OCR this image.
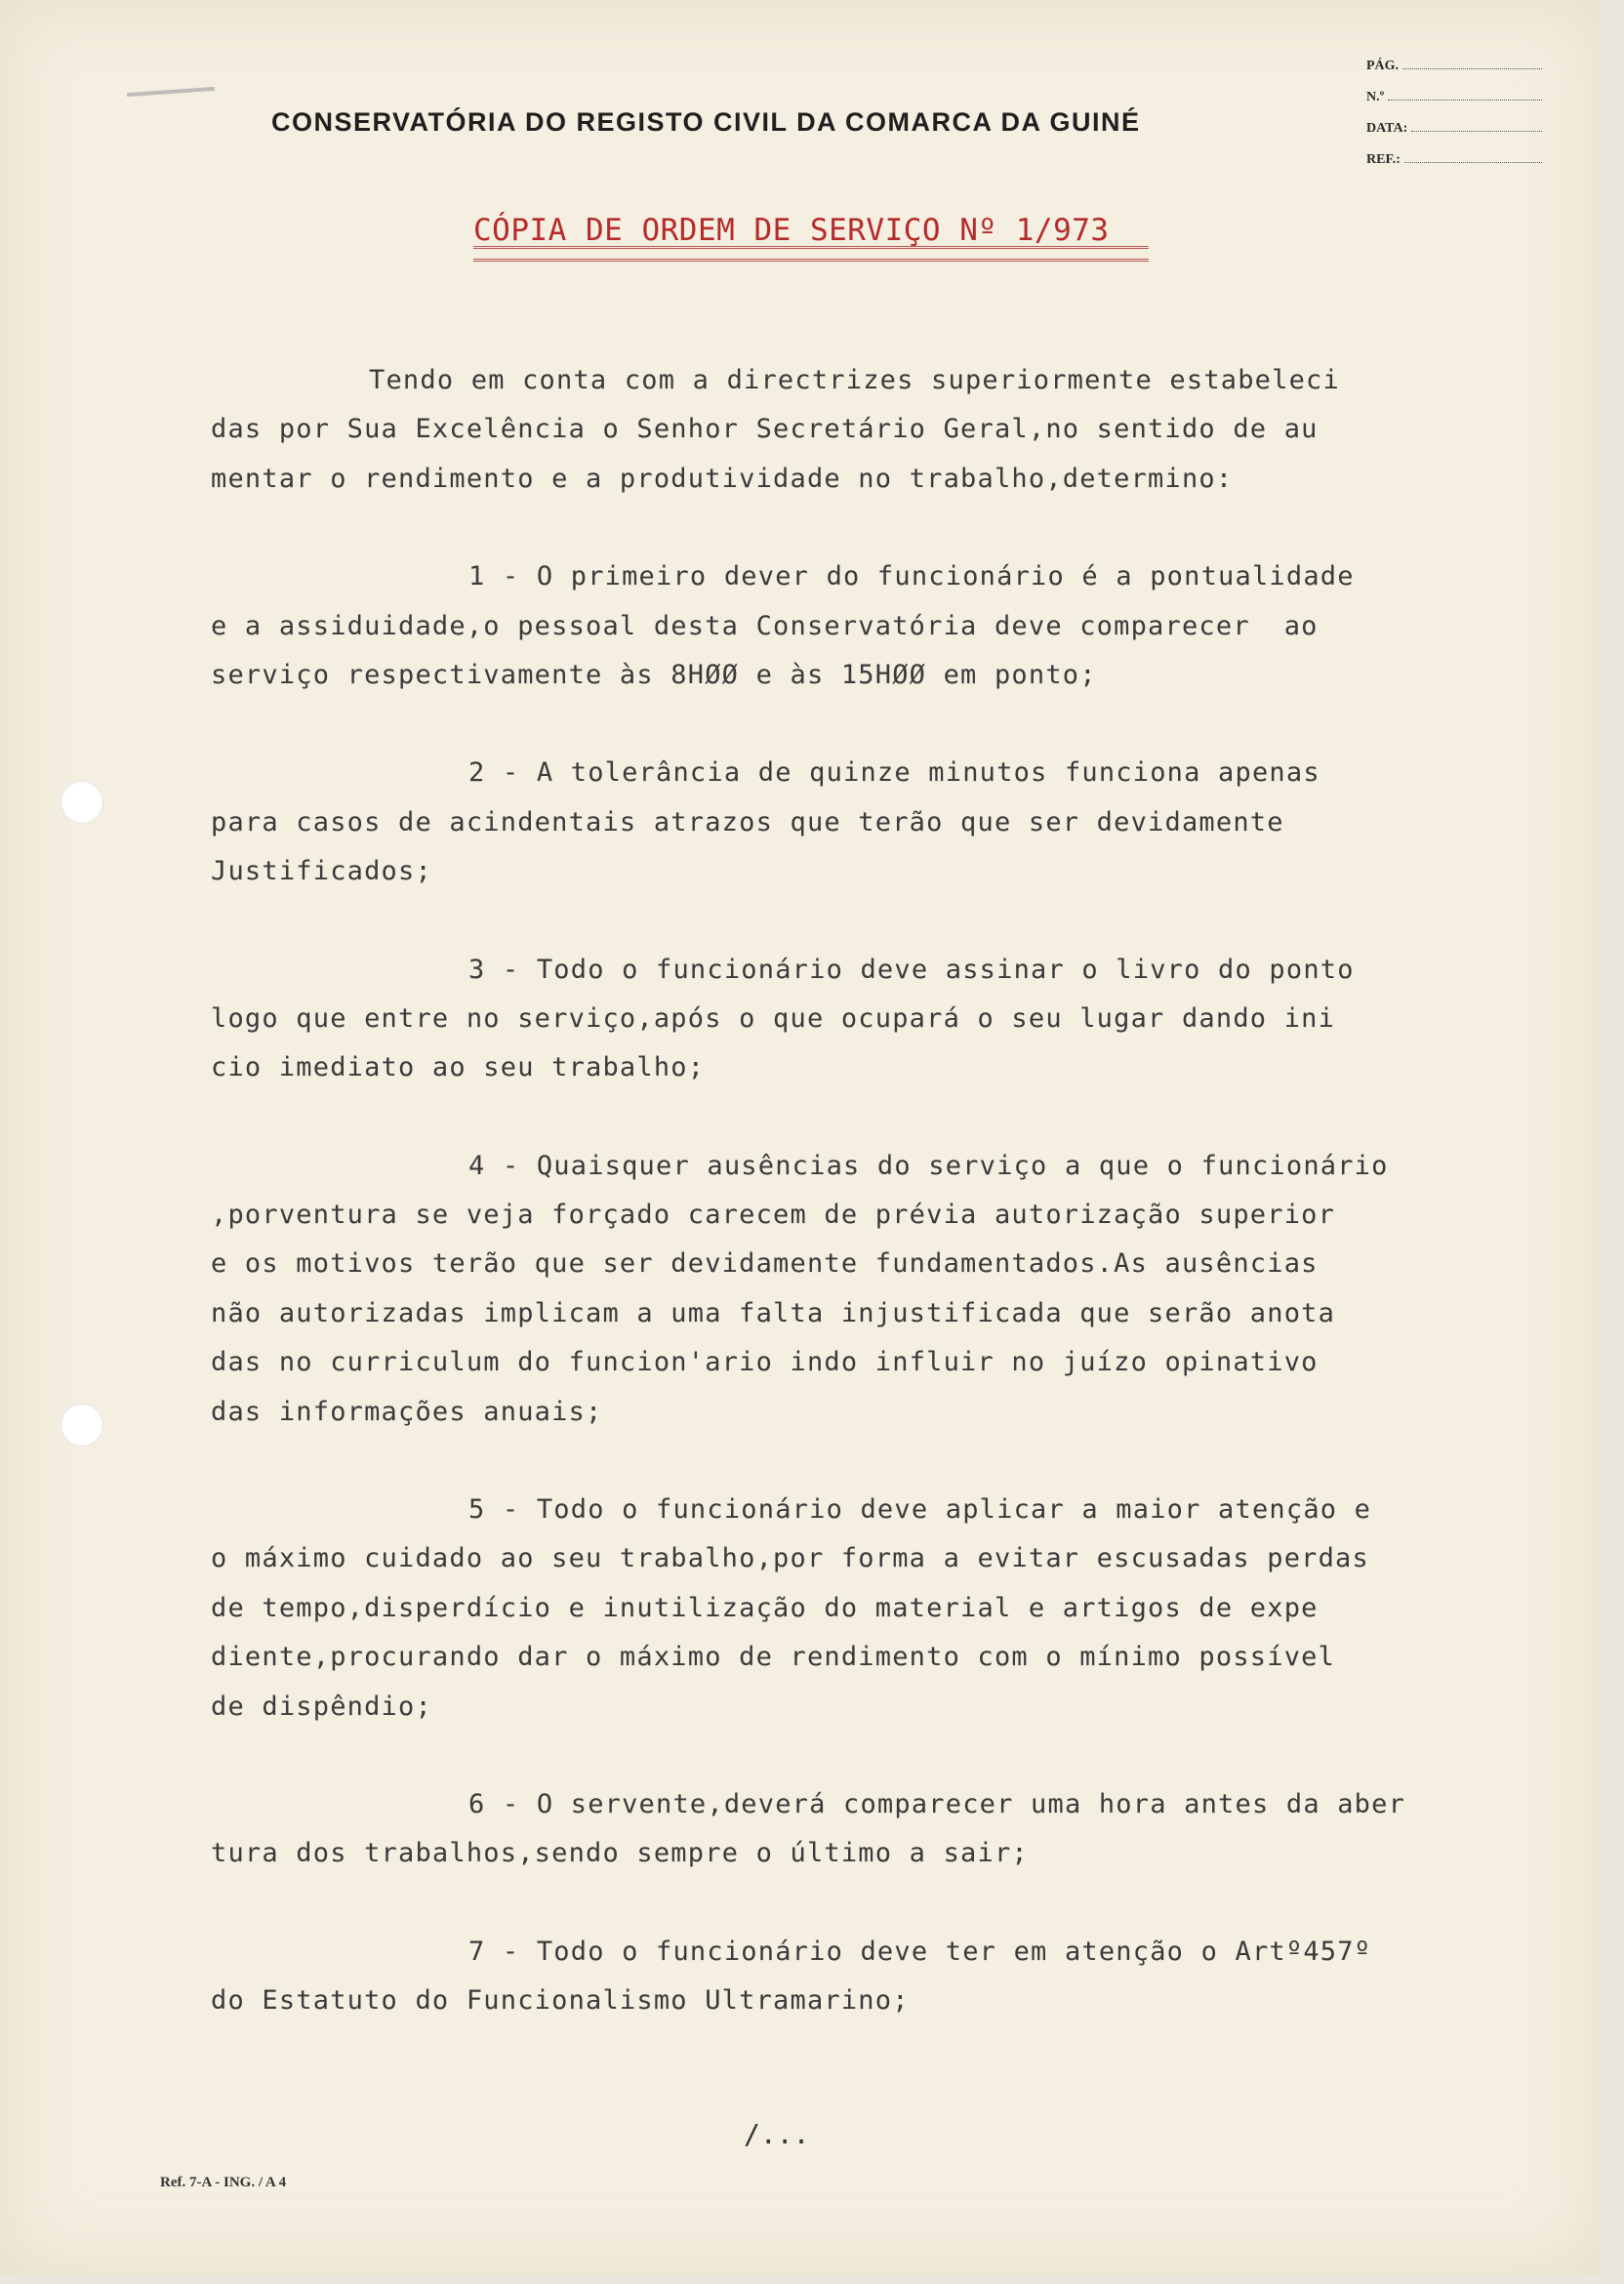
CONSERVATÓRIA DO REGISTO CIVIL DA COMARCA DA GUINÉ
PÁG.
N.º
DATA:
REF.:
CÓPIA DE ORDEM DE SERVIÇO Nº 1/973
Tendo em conta com a directrizes superiormente estabeleci
das por Sua Excelência o Senhor Secretário Geral,no sentido de au
mentar o rendimento e a produtividade no trabalho,determino:
1 - O primeiro dever do funcionário é a pontualidade
e a assiduidade,o pessoal desta Conservatória deve comparecer  ao
serviço respectivamente às 8HØØ e às 15HØØ em ponto;
2 - A tolerância de quinze minutos funciona apenas
para casos de acindentais atrazos que terão que ser devidamente
Justificados;
3 - Todo o funcionário deve assinar o livro do ponto
logo que entre no serviço,após o que ocupará o seu lugar dando ini
cio imediato ao seu trabalho;
4 - Quaisquer ausências do serviço a que o funcionário
,porventura se veja forçado carecem de prévia autorização superior
e os motivos terão que ser devidamente fundamentados.As ausências
não autorizadas implicam a uma falta injustificada que serão anota
das no curriculum do funcion'ario indo influir no juízo opinativo
das informações anuais;
5 - Todo o funcionário deve aplicar a maior atenção e
o máximo cuidado ao seu trabalho,por forma a evitar escusadas perdas
de tempo,disperdício e inutilização do material e artigos de expe
diente,procurando dar o máximo de rendimento com o mínimo possível
de dispêndio;
6 - O servente,deverá comparecer uma hora antes da aber
tura dos trabalhos,sendo sempre o último a sair;
7 - Todo o funcionário deve ter em atenção o Artº457º
do Estatuto do Funcionalismo Ultramarino;
/...
Ref. 7-A - ING. / A 4
